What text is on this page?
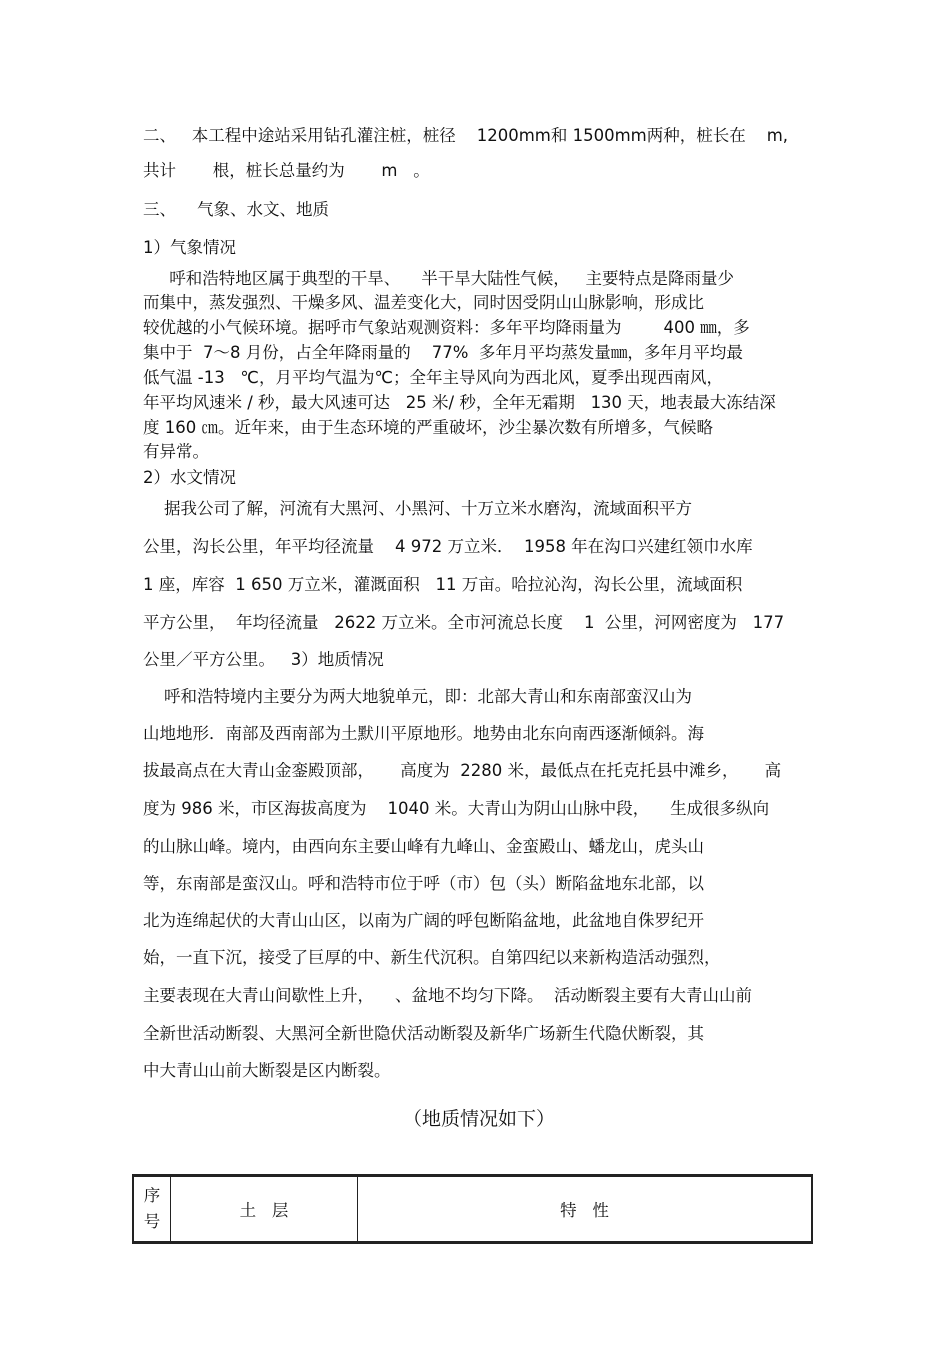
二、   本工程中途站采用钻孔灌注桩，桩径    1200mm和 1500mm两种，桩长在    m,
共计       根，桩长总量约为       m   。
三、    气象、水文、地质
1）气象情况
呼和浩特地区属于典型的干旱、    半干旱大陆性气候，   主要特点是降雨量少
而集中，蒸发强烈、干燥多风、温差变化大，同时因受阴山山脉影响，形成比
较优越的小气候环境。据呼市气象站观测资料：多年平均降雨量为        400 ㎜，多
集中于  7～8 月份，占全年降雨量的    77%  多年月平均蒸发量㎜，多年月平均最
低气温 -13   ℃，月平均气温为℃；全年主导风向为西北风，夏季出现西南风，
年平均风速米 / 秒，最大风速可达   25 米/ 秒，全年无霜期   130 天，地表最大冻结深
度 160 ㎝。近年来，由于生态环境的严重破坏，沙尘暴次数有所增多，气候略
有异常。
2）水文情况
据我公司了解，河流有大黑河、小黑河、十万立米水磨沟，流域面积平方
公里，沟长公里，年平均径流量    4 972 万立米．  1958 年在沟口兴建红领巾水库
1 座，库容  1 650 万立米，灌溉面积   11 万亩。哈拉沁沟，沟长公里，流域面积
平方公里，  年均径流量   2622 万立米。全市河流总长度    1  公里，河网密度为   177
公里／平方公里。   3）地质情况
呼和浩特境内主要分为两大地貌单元，即：北部大青山和东南部蛮汉山为
山地地形．南部及西南部为土默川平原地形。地势由北东向南西逐渐倾斜。海
拔最高点在大青山金銮殿顶部，     高度为  2280 米，最低点在托克托县中滩乡，     高
度为 986 米，市区海拔高度为    1040 米。大青山为阴山山脉中段，    生成很多纵向
的山脉山峰。境内，由西向东主要山峰有九峰山、金蛮殿山、蟠龙山，虎头山
等，东南部是蛮汉山。呼和浩特市位于呼（市）包（头）断陷盆地东北部，以
北为连绵起伏的大青山山区，以南为广阔的呼包断陷盆地，此盆地自侏罗纪开
始，一直下沉，接受了巨厚的中、新生代沉积。自第四纪以来新构造活动强烈，
主要表现在大青山间歇性上升，    、盆地不均匀下降。  活动断裂主要有大青山山前
全新世活动断裂、大黑河全新世隐伏活动断裂及新华广场新生代隐伏断裂，其
中大青山山前大断裂是区内断裂。
（地质情况如下）
序
号
	土   层	特   性
